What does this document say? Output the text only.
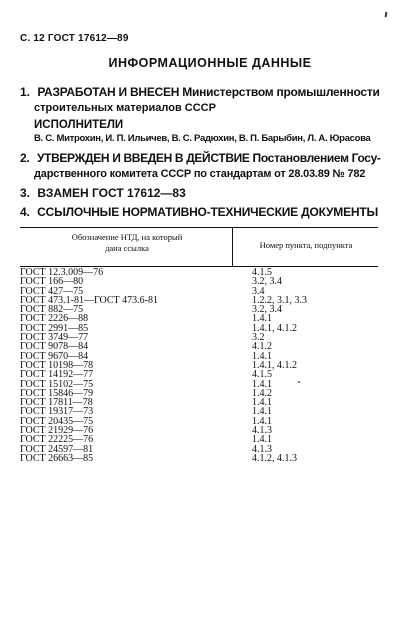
С. 12 ГОСТ 17612—89
ИНФОРМАЦИОННЫЕ ДАННЫЕ
1. РАЗРАБОТАН И ВНЕСЕН Министерством промышленности
строительных материалов СССР
ИСПОЛНИТЕЛИ
В. С. Митрохин, И. П. Ильичев, В. С. Радюхин, В. П. Барыбин, Л. А. Юрасова
2. УТВЕРЖДЕН И ВВЕДЕН В ДЕЙСТВИЕ Постановлением Госу-
дарственного комитета СССР по стандартам от 28.03.89 № 782
3. ВЗАМЕН ГОСТ 17612—83
4. ССЫЛОЧНЫЕ НОРМАТИВНО-ТЕХНИЧЕСКИЕ ДОКУМЕНТЫ
Обозначение НТД, на который
дана ссылка	Номер пункта, подпункта
ГОСТ 12.3.009—76	4.1.5
ГОСТ 166—80	3.2, 3.4
ГОСТ 427—75	3.4
ГОСТ 473.1-81—ГОСТ 473.6-81	1.2.2, 3.1, 3.3
ГОСТ 882—75	3.2, 3.4
ГОСТ 2226—88	1.4.1
ГОСТ 2991—85	1.4.1, 4.1.2
ГОСТ 3749—77	3.2
ГОСТ 9078—84	4.1.2
ГОСТ 9670—84	1.4.1
ГОСТ 10198—78	1.4.1, 4.1.2
ГОСТ 14192—77	4.1.5
ГОСТ 15102—75	1.4.1
ГОСТ 15846—79	1.4.2
ГОСТ 17811—78	1.4.1
ГОСТ 19317—73	1.4.1
ГОСТ 20435—75	1.4.1
ГОСТ 21929—76	4.1.3
ГОСТ 22225—76	1.4.1
ГОСТ 24597—81	4.1.3
ГОСТ 26663—85	4.1.2, 4.1.3
